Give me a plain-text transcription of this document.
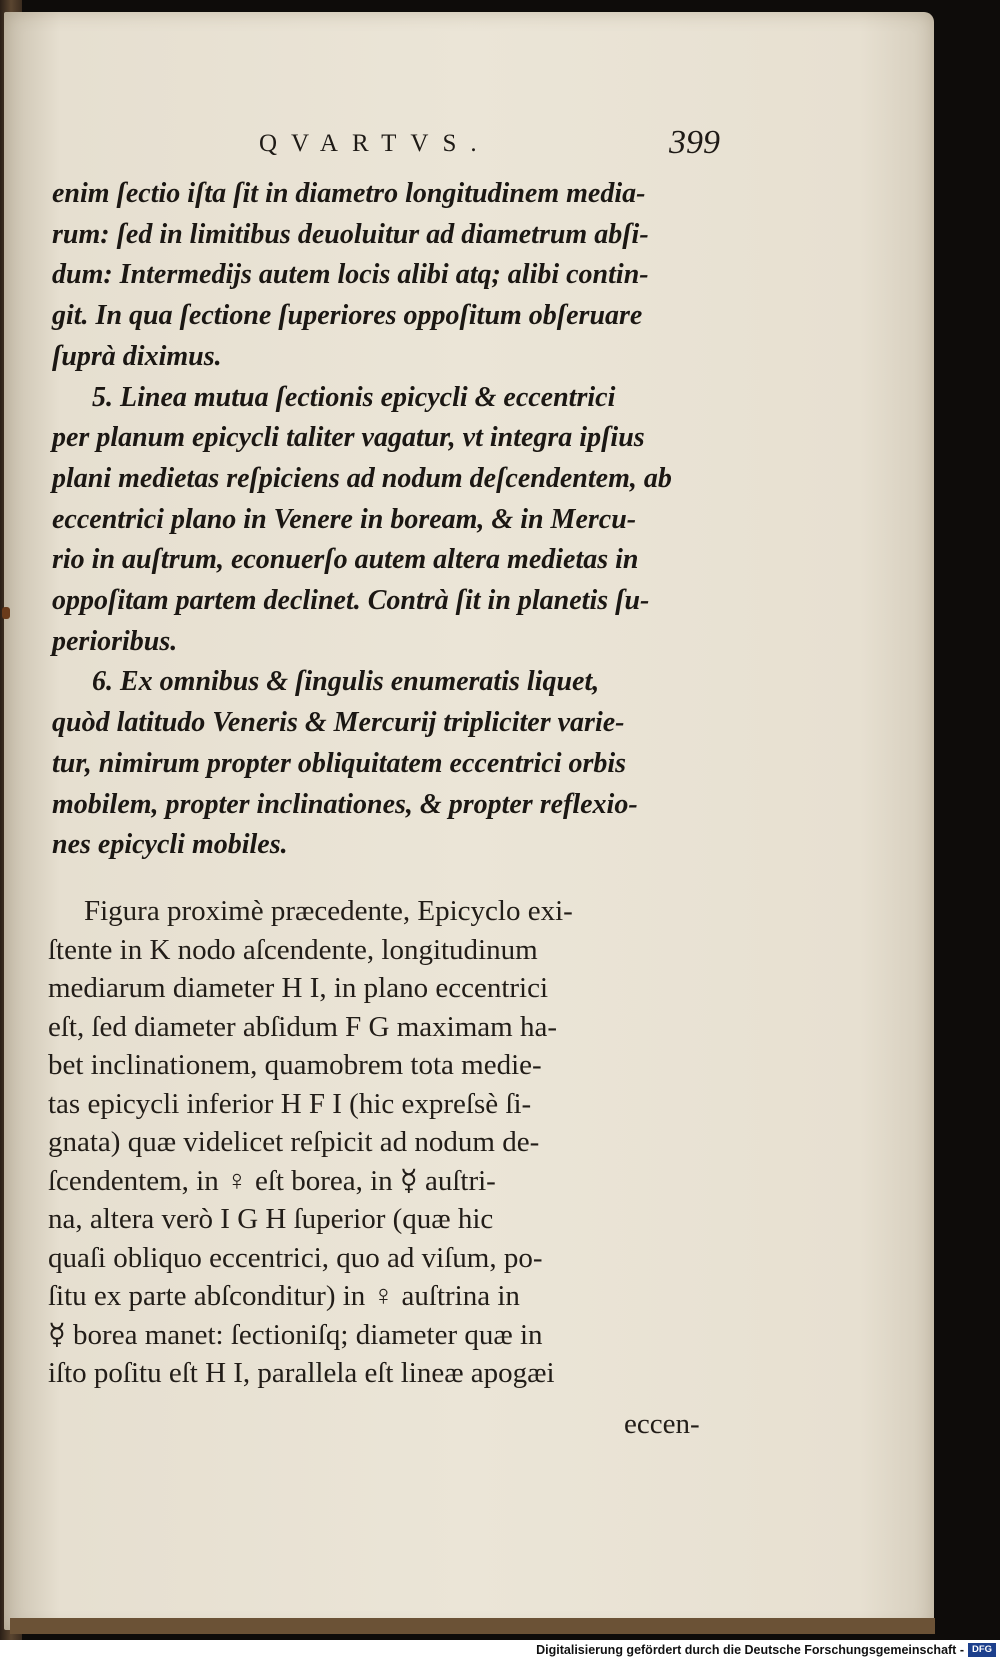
QVARTVS.	399
enim ſectio iſta ſit in diametro longitudinem media-
rum: ſed in limitibus deuoluitur ad diametrum abſi-
dum: Intermedijs autem locis alibi atq; alibi contin-
git. In qua ſectione ſuperiores oppoſitum obſeruare
ſuprà diximus.
5. Linea mutua ſectionis epicycli & eccentrici
per planum epicycli taliter vagatur, vt integra ipſius
plani medietas reſpiciens ad nodum deſcendentem, ab
eccentrici plano in Venere in boream, & in Mercu-
rio in auſtrum, econuerſo autem altera medietas in
oppoſitam partem declinet. Contrà ſit in planetis ſu-
perioribus.
6. Ex omnibus & ſingulis enumeratis liquet,
quòd latitudo Veneris & Mercurij tripliciter varie-
tur, nimirum propter obliquitatem eccentrici orbis
mobilem, propter inclinationes, & propter reflexio-
nes epicycli mobiles.
Figura proximè præcedente, Epicyclo exi-
ſtente in K nodo aſcendente, longitudinum
mediarum diameter H I, in plano eccentrici
eſt, ſed diameter abſidum F G maximam ha-
bet inclinationem, quamobrem tota medie-
tas epicycli inferior H F I (hic expreſsè ſi-
gnata) quæ videlicet reſpicit ad nodum de-
ſcendentem, in ♀ eſt borea, in ☿ auſtri-
na, altera verò I G H ſuperior (quæ hic
quaſi obliquo eccentrici, quo ad viſum, po-
ſitu ex parte abſconditur) in ♀ auſtrina in
☿ borea manet: ſectioniſq; diameter quæ in
iſto poſitu eſt H I, parallela eſt lineæ apogæi
eccen-
Digitalisierung gefördert durch die Deutsche Forschungsgemeinschaft - DFG
